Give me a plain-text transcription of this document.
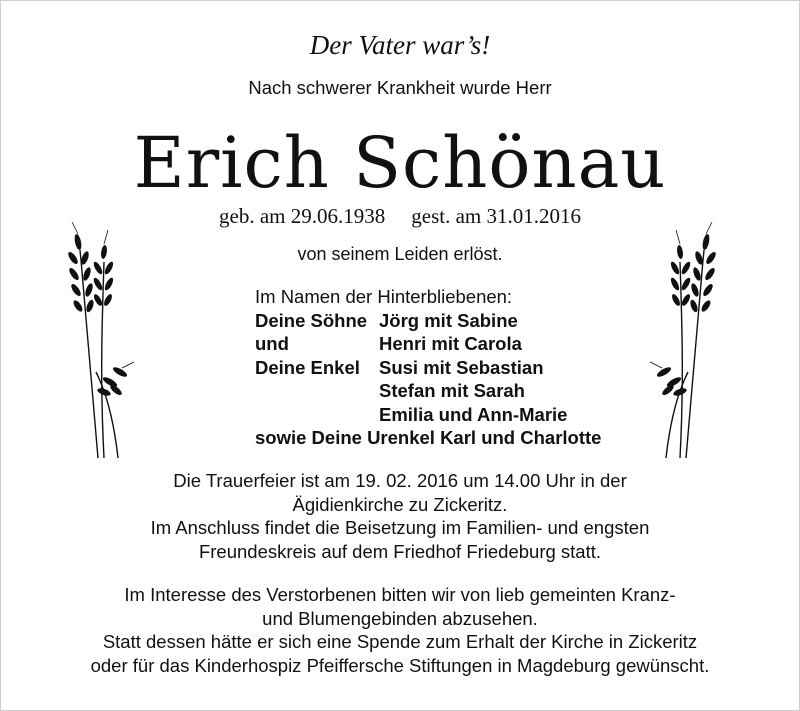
Der Vater war’s!
Nach schwerer Krankheit wurde Herr
Erich Schönau
geb. am 29.06.1938 gest. am 31.01.2016
von seinem Leiden erlöst.
Im Namen der Hinterbliebenen:
Deine Söhne Jörg mit Sabine
und	Henri mit Carola
Deine Enkel Susi mit Sebastian
Stefan mit Sarah
Emilia und Ann-Marie
sowie Deine Urenkel Karl und Charlotte
Die Trauerfeier ist am 19. 02. 2016 um 14.00 Uhr in der
Ägidienkirche zu Zickeritz.
Im Anschluss findet die Beisetzung im Familien- und engsten
Freundeskreis auf dem Friedhof Friedeburg statt.
Im Interesse des Verstorbenen bitten wir von lieb gemeinten Kranz-
und Blumengebinden abzusehen.
Statt dessen hätte er sich eine Spende zum Erhalt der Kirche in Zickeritz
oder für das Kinderhospiz Pfeiffersche Stiftungen in Magdeburg gewünscht.
